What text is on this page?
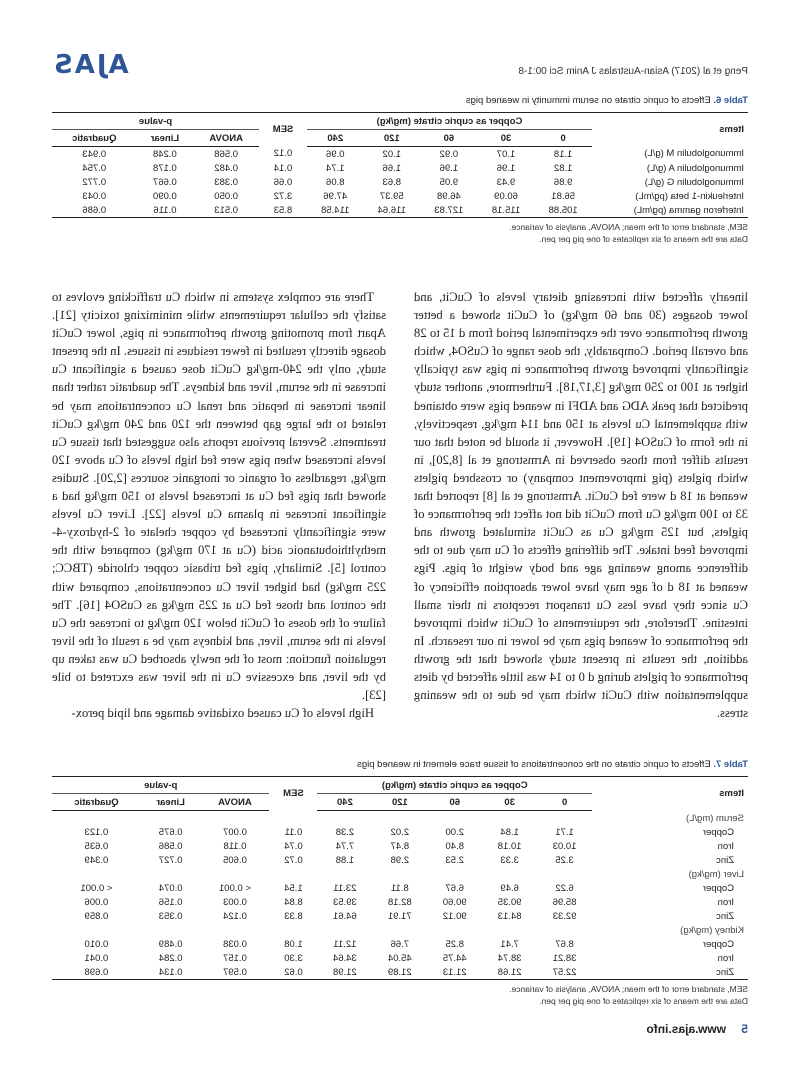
Peng et al (2017) Asian-Australas J Anim Sci 00:1-8
AJAS
Table 6. Effects of cupric citrate on serum immunity in weaned pigs
Items	Copper as cupric citrate (mg/kg)					SEM	p-value		
	0	30	60	120	240		ANOVA	Linear	Quadratic
Immunoglobulin M (g/L)	1.18	1.07	0.92	1.02	0.96	0.12	0.568	0.248	0.943
Immunoglobulin A (g/L)	1.82	1.96	1.96	1.66	1.74	0.14	0.482	0.178	0.754
Immunoglobulin G (g/L)	9.86	9.43	9.05	8.63	8.06	0.66	0.383	0.667	0.772
Interleukin-1 beta (pg/mL)	56.81	60.09	46.98	59.37	47.96	3.72	0.050	0.090	0.043
Interferon gamma (pg/mL)	105.88	115.18	127.83	116.64	114.58	8.53	0.513	0.116	0.686
SEM, standard error of the mean; ANOVA, analysis of variance.
Data are the means of six replicates of one pig per pen.

linearly affected with increasing dietary levels of CuCit, and lower dosages (30 and 60 mg/kg) of CuCit showed a better growth performance over the experimental period from d 15 to 28 and overall period. Comparably, the dose range of CuSO4, which significantly improved growth performance in pigs was typically higher at 100 to 250 mg/kg [3,17,18]. Furthermore, another study predicted that peak ADG and ADFI in weaned pigs were obtained with supplemental Cu levels at 150 and 114 mg/kg, respectively, in the form of CuSO4 [19]. However, it should be noted that our results differ from those observed in Armstrong et al [8,20], in which piglets (pig improvement company) or crossbred piglets weaned at 18 d were fed CuCit. Armstrong et al [8] reported that 33 to 100 mg/kg Cu from CuCit did not affect the performance of piglets, but 125 mg/kg Cu as CuCit stimulated growth and improved feed intake. The differing effects of Cu may due to the difference among weaning age and body weight of pigs. Pigs weaned at 18 d of age may have lower absorption efficiency of Cu since they have less Cu transport receptors in their small intestine. Therefore, the requirements of CuCit which improved the performance of weaned pigs may be lower in our research. In addition, the results in present study showed that the growth performance of piglets during d 0 to 14 was little affected by diets supplementation with CuCit which may be due to the weaning stress.

There are complex systems in which Cu trafficking evolves to satisfy the cellular requirements while minimizing toxicity [21]. Apart from promoting growth performance in pigs, lower CuCit dosage directly resulted in fewer residues in tissues. In the present study, only the 240-mg/kg CuCit dose caused a significant Cu increase in the serum, liver and kidneys. The quadratic rather than linear increase in hepatic and renal Cu concentrations may be related to the large gap between the 120 and 240 mg/kg CuCit treatments. Several previous reports also suggested that tissue Cu levels increased when pigs were fed high levels of Cu above 120 mg/kg, regardless of organic or inorganic sources [2,20]. Studies showed that pigs fed Cu at increased levels to 150 mg/kg had a significant increase in plasma Cu levels [22]. Liver Cu levels were significantly increased by copper chelate of 2-hydroxy-4-methylthiobutanoic acid (Cu at 170 mg/kg) compared with the control [5]. Similarly, pigs fed tribasic copper chloride (TBCC; 225 mg/kg) had higher liver Cu concentrations, compared with the control and those fed Cu at 225 mg/kg as CuSO4 [16]. The failure of the doses of CuCit below 120 mg/kg to increase the Cu levels in the serum, liver, and kidneys may be a result of the liver regulation function: most of the newly absorbed Cu was taken up by the liver, and excessive Cu in the liver was excreted to bile [23].

High levels of Cu caused oxidative damage and lipid perox-

Table 7. Effects of cupric citrate on the concentrations of tissue trace element in weaned pigs
Items	Copper as cupric citrate (mg/kg)					SEM	p-value		
	0	30	60	120	240		ANOVA	Linear	Quadratic
Serum (mg/L)									
Copper	1.71	1.84	2.00	2.02	2.38	0.11	0.007	0.675	0.123
Iron	10.03	10.18	8.40	8.47	7.74	0.74	0.118	0.586	0.635
Zinc	3.25	3.33	2.53	2.98	1.88	0.72	0.605	0.727	0.349
Liver (mg/kg)									
Copper	6.22	6.49	6.67	8.11	23.11	1.54	< 0.001	0.074	< 0.001
Iron	85.96	90.35	90.60	82.18	39.53	8.84	0.003	0.156	0.006
Zinc	92.33	84.13	90.12	71.91	64.61	8.33	0.124	0.353	0.859
Kidney (mg/kg)									
Copper	8.67	7.41	8.25	7.66	12.11	1.08	0.038	0.489	0.010
Iron	38.21	38.74	44.75	45.04	34.64	3.30	0.157	0.284	0.041
Zinc	22.57	21.68	21.13	21.89	21.98	0.62	0.597	0.134	0.698
SEM, standard error of the mean; ANOVA, analysis of variance.
Data are the means of six replicates of one pig per pen.
5
www.ajas.info
